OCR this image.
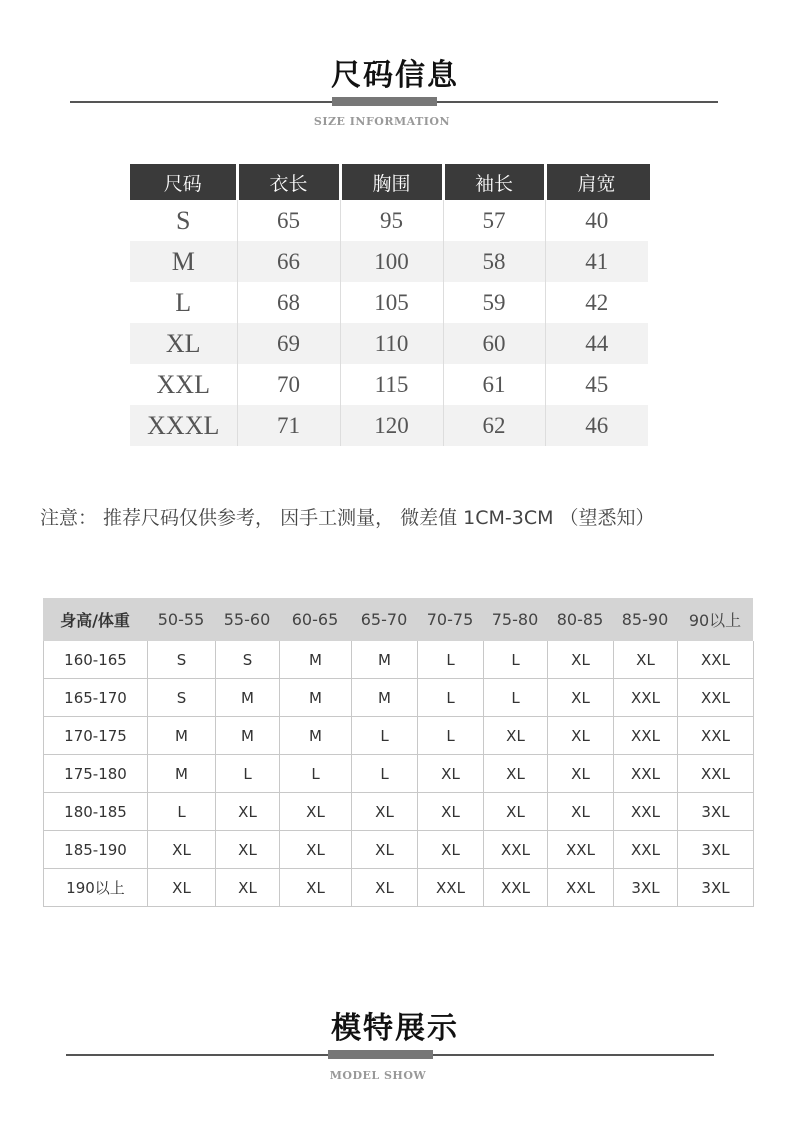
尺码信息
SIZE INFORMATION
尺码	衣长	胸围	袖长	肩宽
S	65	95	57	40
M	66	100	58	41
L	68	105	59	42
XL	69	110	60	44
XXL	70	115	61	45
XXXL	71	120	62	46
注意： 推荐尺码仅供参考， 因手工测量， 微差值 1CM-3CM （望悉知）
身高/体重	50-55	55-60	60-65	65-70	70-75	75-80	80-85	85-90	90以上
160-165	S	S	M	M	L	L	XL	XL	XXL
165-170	S	M	M	M	L	L	XL	XXL	XXL
170-175	M	M	M	L	L	XL	XL	XXL	XXL
175-180	M	L	L	L	XL	XL	XL	XXL	XXL
180-185	L	XL	XL	XL	XL	XL	XL	XXL	3XL
185-190	XL	XL	XL	XL	XL	XXL	XXL	XXL	3XL
190以上	XL	XL	XL	XL	XXL	XXL	XXL	3XL	3XL
模特展示
MODEL SHOW
